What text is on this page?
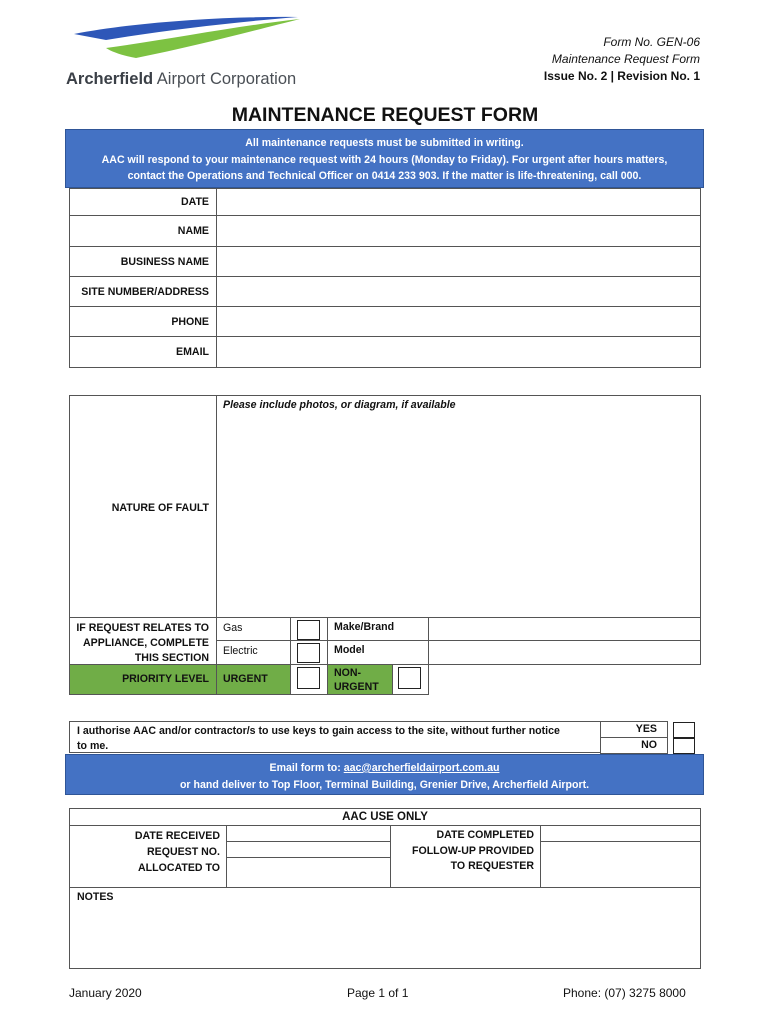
Archerfield Airport Corporation
Form No. GEN-06
Maintenance Request Form
Issue No. 2 | Revision No. 1
MAINTENANCE REQUEST FORM
All maintenance requests must be submitted in writing.
AAC will respond to your maintenance request with 24 hours (Monday to Friday). For urgent after hours matters,
contact the Operations and Technical Officer on 0414 233 903. If the matter is life-threatening, call 000.
DATE	
NAME	
BUSINESS NAME	
SITE NUMBER/ADDRESS	
PHONE	
EMAIL	
NATURE OF FAULT
Please include photos, or diagram, if available
IF REQUEST RELATES TO
APPLIANCE, COMPLETE
THIS SECTION
Gas	Make/Brand
Electric	Model
PRIORITY LEVEL	URGENT	NON-
URGENT
I authorise AAC and/or contractor/s to use keys to gain access to the site, without further notice
to me.
YES
NO
Email form to: aac@archerfieldairport.com.au
or hand deliver to Top Floor, Terminal Building, Grenier Drive, Archerfield Airport.
AAC USE ONLY
DATE RECEIVED
REQUEST NO.
ALLOCATED TO
DATE COMPLETED
FOLLOW-UP PROVIDED
TO REQUESTER
NOTES
January 2020	Page 1 of 1	Phone: (07) 3275 8000
